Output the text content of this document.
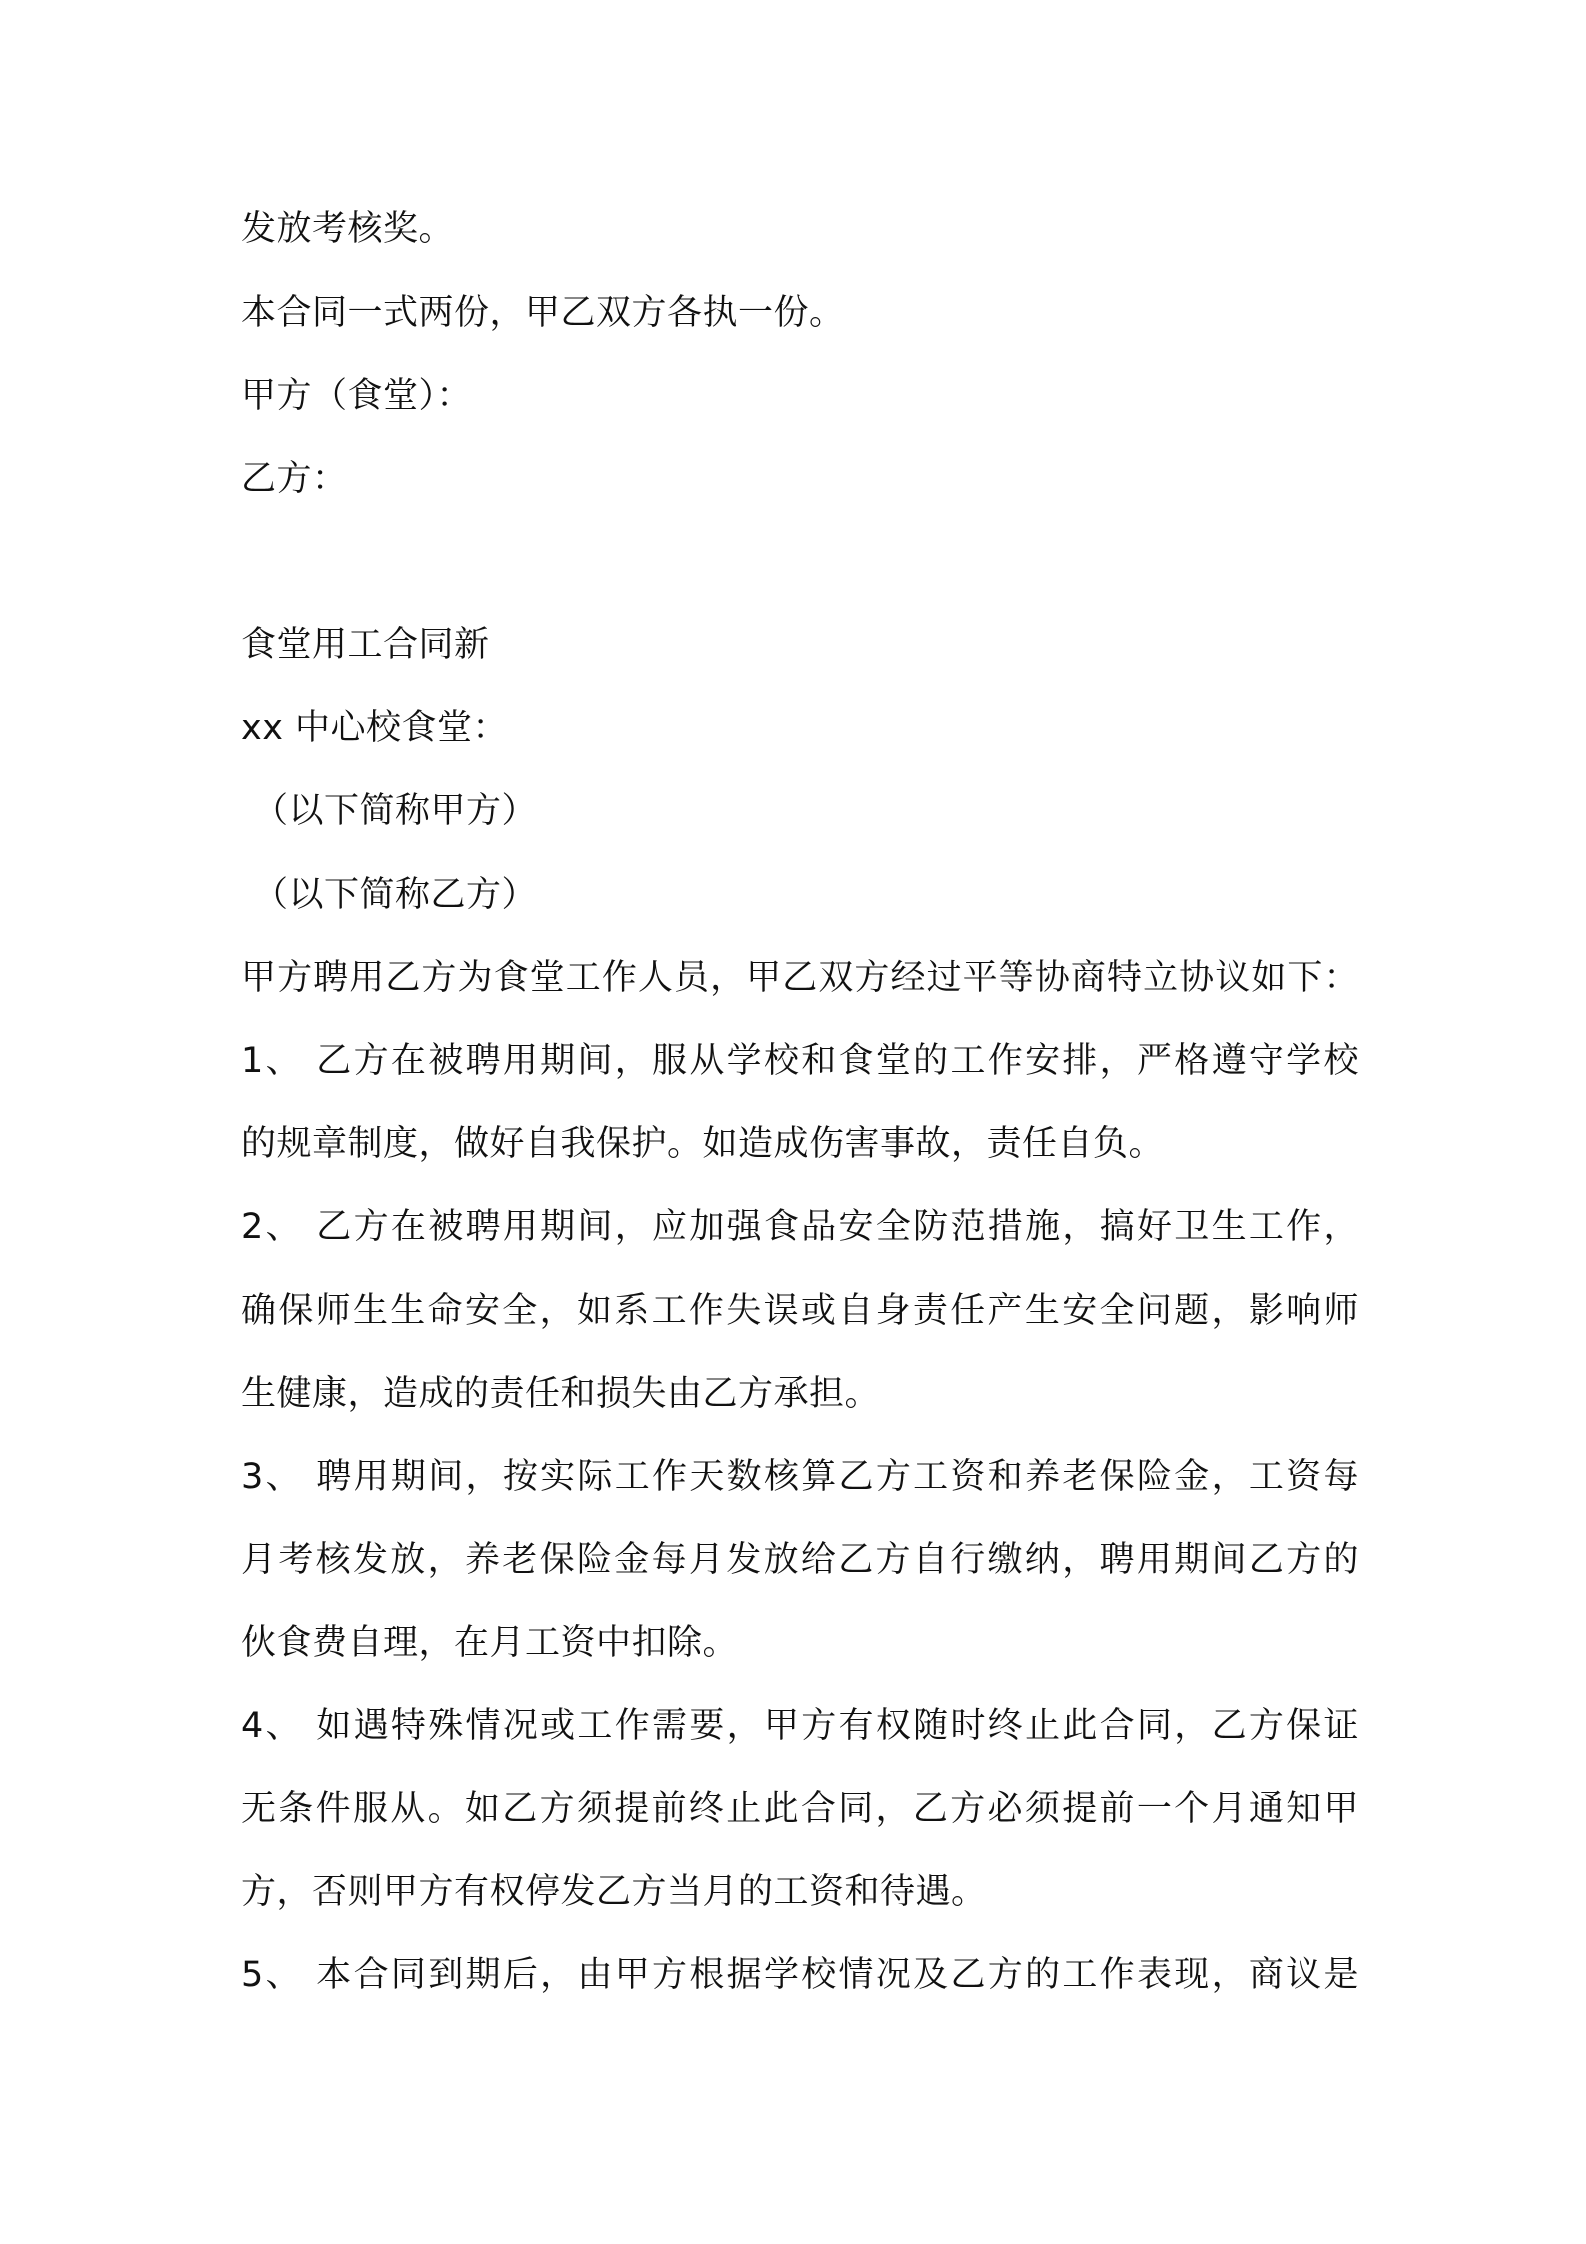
发放考核奖。
本合同一式两份，甲乙双方各执一份。
甲方（食堂）：
乙方：
食堂用工合同新
xx 中心校食堂：
（以下简称甲方）
（以下简称乙方）
甲方聘用乙方为食堂工作人员，甲乙双方经过平等协商特立协议如下：
1、 乙方在被聘用期间，服从学校和食堂的工作安排，严格遵守学校
的规章制度，做好自我保护。如造成伤害事故，责任自负。
2、 乙方在被聘用期间，应加强食品安全防范措施，搞好卫生工作，
确保师生生命安全，如系工作失误或自身责任产生安全问题，影响师
生健康，造成的责任和损失由乙方承担。
3、 聘用期间，按实际工作天数核算乙方工资和养老保险金，工资每
月考核发放，养老保险金每月发放给乙方自行缴纳，聘用期间乙方的
伙食费自理，在月工资中扣除。
4、 如遇特殊情况或工作需要，甲方有权随时终止此合同，乙方保证
无条件服从。如乙方须提前终止此合同，乙方必须提前一个月通知甲
方，否则甲方有权停发乙方当月的工资和待遇。
5、 本合同到期后，由甲方根据学校情况及乙方的工作表现，商议是
